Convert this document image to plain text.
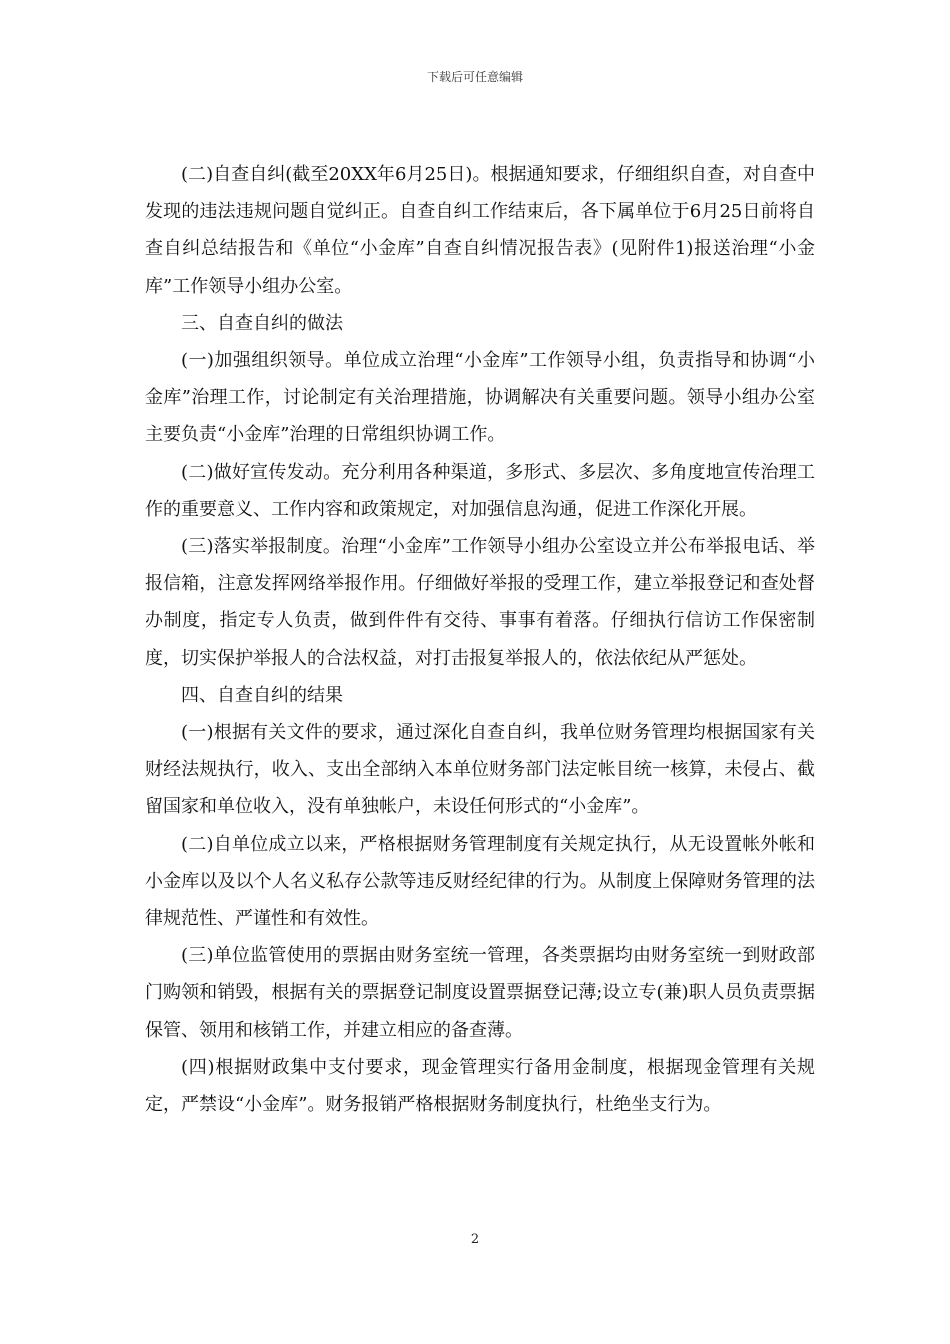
下载后可任意编辑

(二)自查自纠(截至20XX年6月25日)。根据通知要求，仔细组织自查，对自查中发现的违法违规问题自觉纠正。自查自纠工作结束后，各下属单位于6月25日前将自查自纠总结报告和《单位“小金库”自查自纠情况报告表》(见附件1)报送治理“小金库”工作领导小组办公室。

三、自查自纠的做法

(一)加强组织领导。单位成立治理“小金库”工作领导小组，负责指导和协调“小金库”治理工作，讨论制定有关治理措施，协调解决有关重要问题。领导小组办公室主要负责“小金库”治理的日常组织协调工作。

(二)做好宣传发动。充分利用各种渠道，多形式、多层次、多角度地宣传治理工作的重要意义、工作内容和政策规定，对加强信息沟通，促进工作深化开展。

(三)落实举报制度。治理“小金库”工作领导小组办公室设立并公布举报电话、举报信箱，注意发挥网络举报作用。仔细做好举报的受理工作，建立举报登记和查处督办制度，指定专人负责，做到件件有交待、事事有着落。仔细执行信访工作保密制度，切实保护举报人的合法权益，对打击报复举报人的，依法依纪从严惩处。

四、自查自纠的结果

(一)根据有关文件的要求，通过深化自查自纠，我单位财务管理均根据国家有关财经法规执行，收入、支出全部纳入本单位财务部门法定帐目统一核算，未侵占、截留国家和单位收入，没有单独帐户，未设任何形式的“小金库”。

(二)自单位成立以来，严格根据财务管理制度有关规定执行，从无设置帐外帐和小金库以及以个人名义私存公款等违反财经纪律的行为。从制度上保障财务管理的法律规范性、严谨性和有效性。

(三)单位监管使用的票据由财务室统一管理，各类票据均由财务室统一到财政部门购领和销毁，根据有关的票据登记制度设置票据登记薄;设立专(兼)职人员负责票据保管、领用和核销工作，并建立相应的备查薄。

(四)根据财政集中支付要求，现金管理实行备用金制度，根据现金管理有关规定，严禁设“小金库”。财务报销严格根据财务制度执行，杜绝坐支行为。

2
